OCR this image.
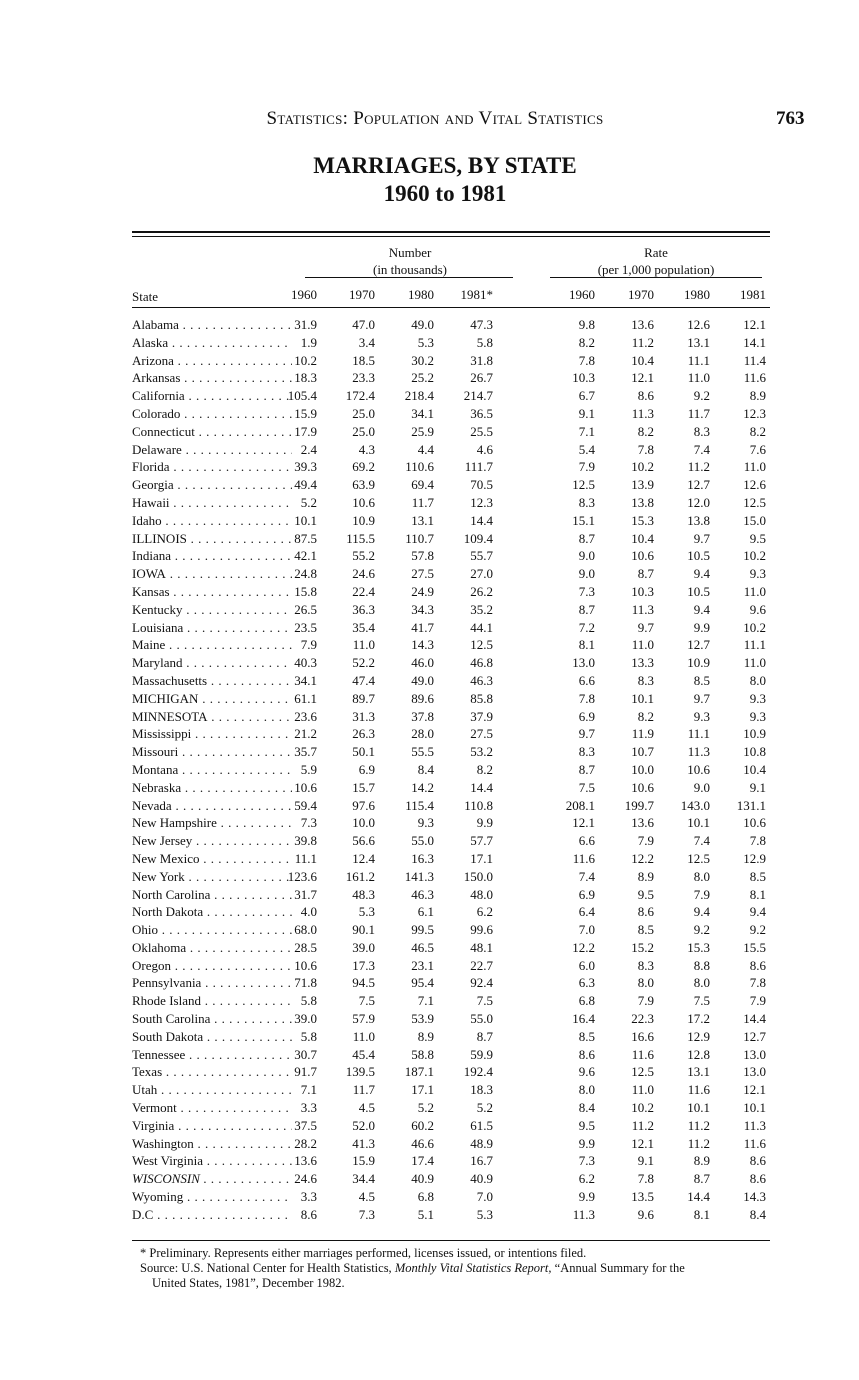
Statistics: Population and Vital Statistics	763
MARRIAGES, BY STATE
1960 to 1981
Number
(in thousands)
Rate
(per 1,000 population)
State	1960	1970	1980	1981*	1960	1970	1980	1981
Alabama . . .	31.9	47.0	49.0	47.3	9.8	13.6	12.6	12.1
Alaska . . .	1.9	3.4	5.3	5.8	8.2	11.2	13.1	14.1
Arizona . . .	10.2	18.5	30.2	31.8	7.8	10.4	11.1	11.4
Arkansas . . .	18.3	23.3	25.2	26.7	10.3	12.1	11.0	11.6
California . . .	105.4	172.4	218.4	214.7	6.7	8.6	9.2	8.9
Colorado . . .	15.9	25.0	34.1	36.5	9.1	11.3	11.7	12.3
Connecticut . . .	17.9	25.0	25.9	25.5	7.1	8.2	8.3	8.2
Delaware . . .	2.4	4.3	4.4	4.6	5.4	7.8	7.4	7.6
Florida . . .	39.3	69.2	110.6	111.7	7.9	10.2	11.2	11.0
Georgia . . .	49.4	63.9	69.4	70.5	12.5	13.9	12.7	12.6
Hawaii . . .	5.2	10.6	11.7	12.3	8.3	13.8	12.0	12.5
Idaho . . .	10.1	10.9	13.1	14.4	15.1	15.3	13.8	15.0
ILLINOIS . . .	87.5	115.5	110.7	109.4	8.7	10.4	9.7	9.5
Indiana . . .	42.1	55.2	57.8	55.7	9.0	10.6	10.5	10.2
IOWA . . .	24.8	24.6	27.5	27.0	9.0	8.7	9.4	9.3
Kansas . . .	15.8	22.4	24.9	26.2	7.3	10.3	10.5	11.0
Kentucky . . .	26.5	36.3	34.3	35.2	8.7	11.3	9.4	9.6
Louisiana . . .	23.5	35.4	41.7	44.1	7.2	9.7	9.9	10.2
Maine . . .	7.9	11.0	14.3	12.5	8.1	11.0	12.7	11.1
Maryland . . .	40.3	52.2	46.0	46.8	13.0	13.3	10.9	11.0
Massachusetts . . .	34.1	47.4	49.0	46.3	6.6	8.3	8.5	8.0
MICHIGAN . . .	61.1	89.7	89.6	85.8	7.8	10.1	9.7	9.3
MINNESOTA . . .	23.6	31.3	37.8	37.9	6.9	8.2	9.3	9.3
Mississippi . . .	21.2	26.3	28.0	27.5	9.7	11.9	11.1	10.9
Missouri . . .	35.7	50.1	55.5	53.2	8.3	10.7	11.3	10.8
Montana . . .	5.9	6.9	8.4	8.2	8.7	10.0	10.6	10.4
Nebraska . . .	10.6	15.7	14.2	14.4	7.5	10.6	9.0	9.1
Nevada . . .	59.4	97.6	115.4	110.8	208.1	199.7	143.0	131.1
New Hampshire . . .	7.3	10.0	9.3	9.9	12.1	13.6	10.1	10.6
New Jersey . . .	39.8	56.6	55.0	57.7	6.6	7.9	7.4	7.8
New Mexico . . .	11.1	12.4	16.3	17.1	11.6	12.2	12.5	12.9
New York . . .	123.6	161.2	141.3	150.0	7.4	8.9	8.0	8.5
North Carolina . . .	31.7	48.3	46.3	48.0	6.9	9.5	7.9	8.1
North Dakota . . .	4.0	5.3	6.1	6.2	6.4	8.6	9.4	9.4
Ohio . . .	68.0	90.1	99.5	99.6	7.0	8.5	9.2	9.2
Oklahoma . . .	28.5	39.0	46.5	48.1	12.2	15.2	15.3	15.5
Oregon . . .	10.6	17.3	23.1	22.7	6.0	8.3	8.8	8.6
Pennsylvania . . .	71.8	94.5	95.4	92.4	6.3	8.0	8.0	7.8
Rhode Island . . .	5.8	7.5	7.1	7.5	6.8	7.9	7.5	7.9
South Carolina . . .	39.0	57.9	53.9	55.0	16.4	22.3	17.2	14.4
South Dakota . . .	5.8	11.0	8.9	8.7	8.5	16.6	12.9	12.7
Tennessee . . .	30.7	45.4	58.8	59.9	8.6	11.6	12.8	13.0
Texas . . .	91.7	139.5	187.1	192.4	9.6	12.5	13.1	13.0
Utah . . .	7.1	11.7	17.1	18.3	8.0	11.0	11.6	12.1
Vermont . . .	3.3	4.5	5.2	5.2	8.4	10.2	10.1	10.1
Virginia . . .	37.5	52.0	60.2	61.5	9.5	11.2	11.2	11.3
Washington . . .	28.2	41.3	46.6	48.9	9.9	12.1	11.2	11.6
West Virginia . . .	13.6	15.9	17.4	16.7	7.3	9.1	8.9	8.6
WISCONSIN . . .	24.6	34.4	40.9	40.9	6.2	7.8	8.7	8.6
Wyoming . . .	3.3	4.5	6.8	7.0	9.9	13.5	14.4	14.3
D.C . . .	8.6	7.3	5.1	5.3	11.3	9.6	8.1	8.4

* Preliminary. Represents either marriages performed, licenses issued, or intentions filed.

Source: U.S. National Center for Health Statistics, Monthly Vital Statistics Report, “Annual Summary for the

United States, 1981”, December 1982.
